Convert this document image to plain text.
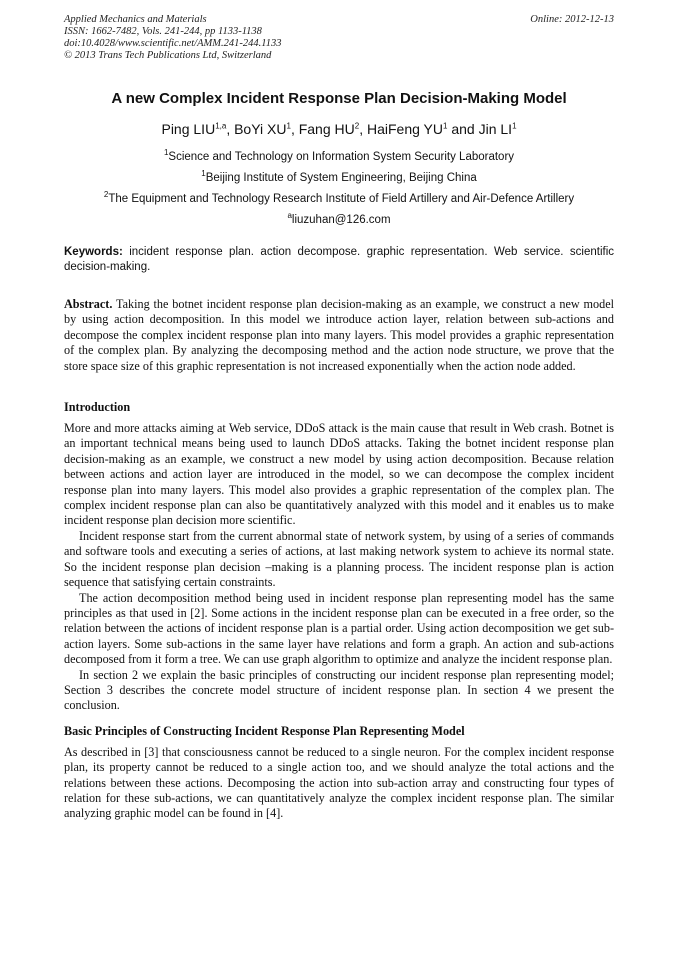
Applied Mechanics and Materials
ISSN: 1662-7482, Vols. 241-244, pp 1133-1138
doi:10.4028/www.scientific.net/AMM.241-244.1133
© 2013 Trans Tech Publications Ltd, Switzerland
Online: 2012-12-13
A new Complex Incident Response Plan Decision-Making Model
Ping LIU$^{1,a}$, BoYi $XU^1$, Fang $HU^2$, HaiFeng $YU^1$ and Jin $LI^1$
$^1$Science and Technology on Information System Security Laboratory
$^1$Beijing Institute of System Engineering, Beijing China
$^2$The Equipment and Technology Research Institute of Field Artillery and Air-Defence Artillery
$^a$liuzuhan@126.com
Keywords: incident response plan. action decompose. graphic representation. Web service. scientific decision-making.
Abstract. Taking the botnet incident response plan decision-making as an example, we construct a new model by using action decomposition. In this model we introduce action layer, relation between sub-actions and decompose the complex incident response plan into many layers. This model provides a graphic representation of the complex plan. By analyzing the decomposing method and the action node structure, we prove that the store space size of this graphic representation is not increased exponentially when the action node added.
Introduction

More and more attacks aiming at Web service, DDoS attack is the main cause that result in Web crash. Botnet is an important technical means being used to launch DDoS attacks. Taking the botnet incident response plan decision-making as an example, we construct a new model by using action decomposition. Because relation between actions and action layer are introduced in the model, so we can decompose the complex incident response plan into many layers. This model also provides a graphic representation of the complex plan. The complex incident response plan can also be quantitatively analyzed with this model and it enables us to make incident response plan decision more scientific.

Incident response start from the current abnormal state of network system, by using of a series of commands and software tools and executing a series of actions, at last making network system to achieve its normal state. So the incident response plan decision –making is a planning process. The incident response plan is action sequence that satisfying certain constraints.

The action decomposition method being used in incident response plan representing model has the same principles as that used in [2]. Some actions in the incident response plan can be executed in a free order, so the relation between the actions of incident response plan is a partial order. Using action decomposition we get sub-action layers. Some sub-actions in the same layer have relations and form a graph. An action and sub-actions decomposed from it form a tree. We can use graph algorithm to optimize and analyze the incident response plan.

In section 2 we explain the basic principles of constructing our incident response plan representing model; Section 3 describes the concrete model structure of incident response plan. In section 4 we present the conclusion.

Basic Principles of Constructing Incident Response Plan Representing Model

As described in [3] that consciousness cannot be reduced to a single neuron. For the complex incident response plan, its property cannot be reduced to a single action too, and we should analyze the total actions and the relations between these actions. Decomposing the action into sub-action array and constructing four types of relation for these sub-actions, we can quantitatively analyze the complex incident response plan. The similar analyzing graphic model can be found in [4].
